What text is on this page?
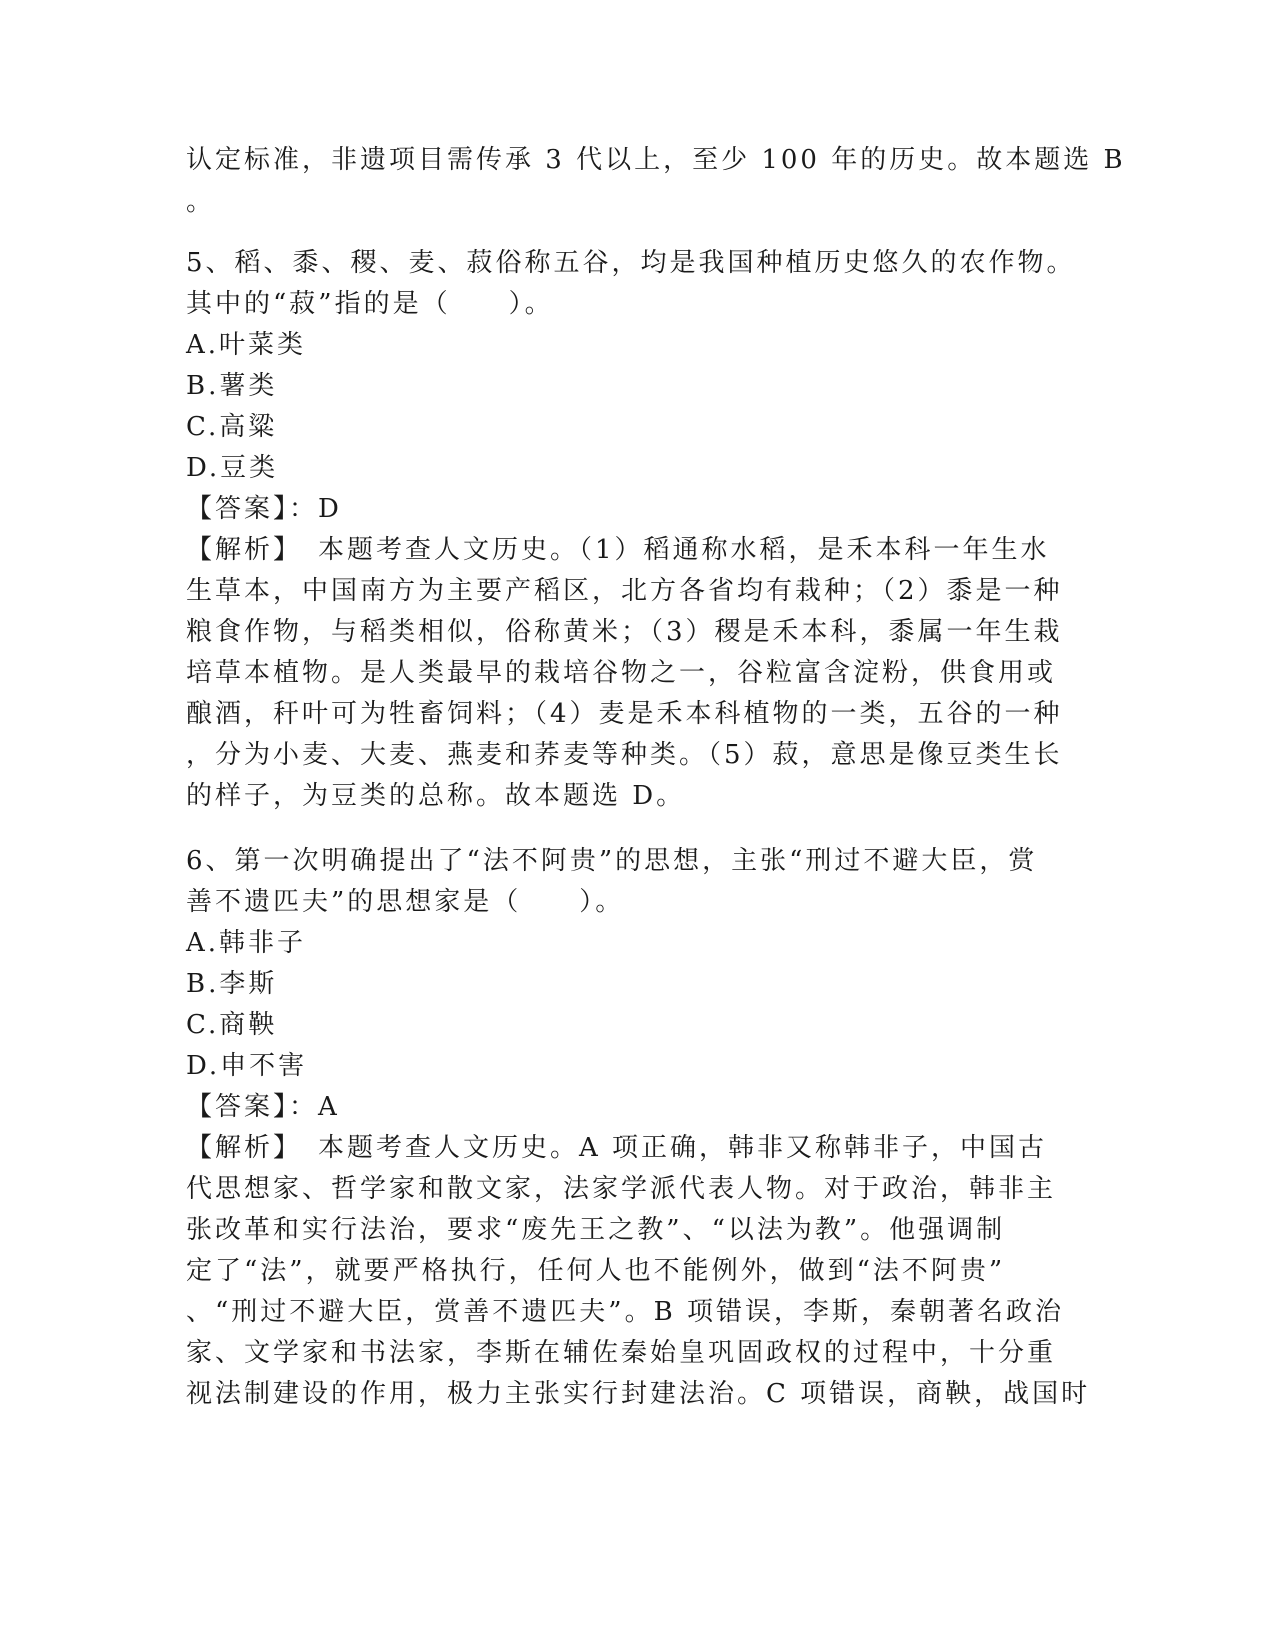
认定标准，非遗项目需传承 3 代以上，至少 100 年的历史。故本题选 B
。
5、稻、黍、稷、麦、菽俗称五谷，均是我国种植历史悠久的农作物。
其中的“菽”指的是（　　）。
A.叶菜类
B.薯类
C.高粱
D.豆类
【答案】：D
【解析】　本题考查人文历史。（1）稻通称水稻，是禾本科一年生水
生草本，中国南方为主要产稻区，北方各省均有栽种；（2）黍是一种
粮食作物，与稻类相似，俗称黄米；（3）稷是禾本科，黍属一年生栽
培草本植物。是人类最早的栽培谷物之一，谷粒富含淀粉，供食用或
酿酒，秆叶可为牲畜饲料；（4）麦是禾本科植物的一类，五谷的一种
，分为小麦、大麦、燕麦和荞麦等种类。（5）菽，意思是像豆类生长
的样子，为豆类的总称。故本题选 D。
6、第一次明确提出了“法不阿贵”的思想，主张“刑过不避大臣，赏
善不遗匹夫”的思想家是（　　）。
A.韩非子
B.李斯
C.商鞅
D.申不害
【答案】：A
【解析】　本题考查人文历史。A 项正确，韩非又称韩非子，中国古
代思想家、哲学家和散文家，法家学派代表人物。对于政治，韩非主
张改革和实行法治，要求“废先王之教”、“以法为教”。他强调制
定了“法”，就要严格执行，任何人也不能例外，做到“法不阿贵”
、“刑过不避大臣，赏善不遗匹夫”。B 项错误，李斯，秦朝著名政治
家、文学家和书法家，李斯在辅佐秦始皇巩固政权的过程中，十分重
视法制建设的作用，极力主张实行封建法治。C 项错误，商鞅，战国时
